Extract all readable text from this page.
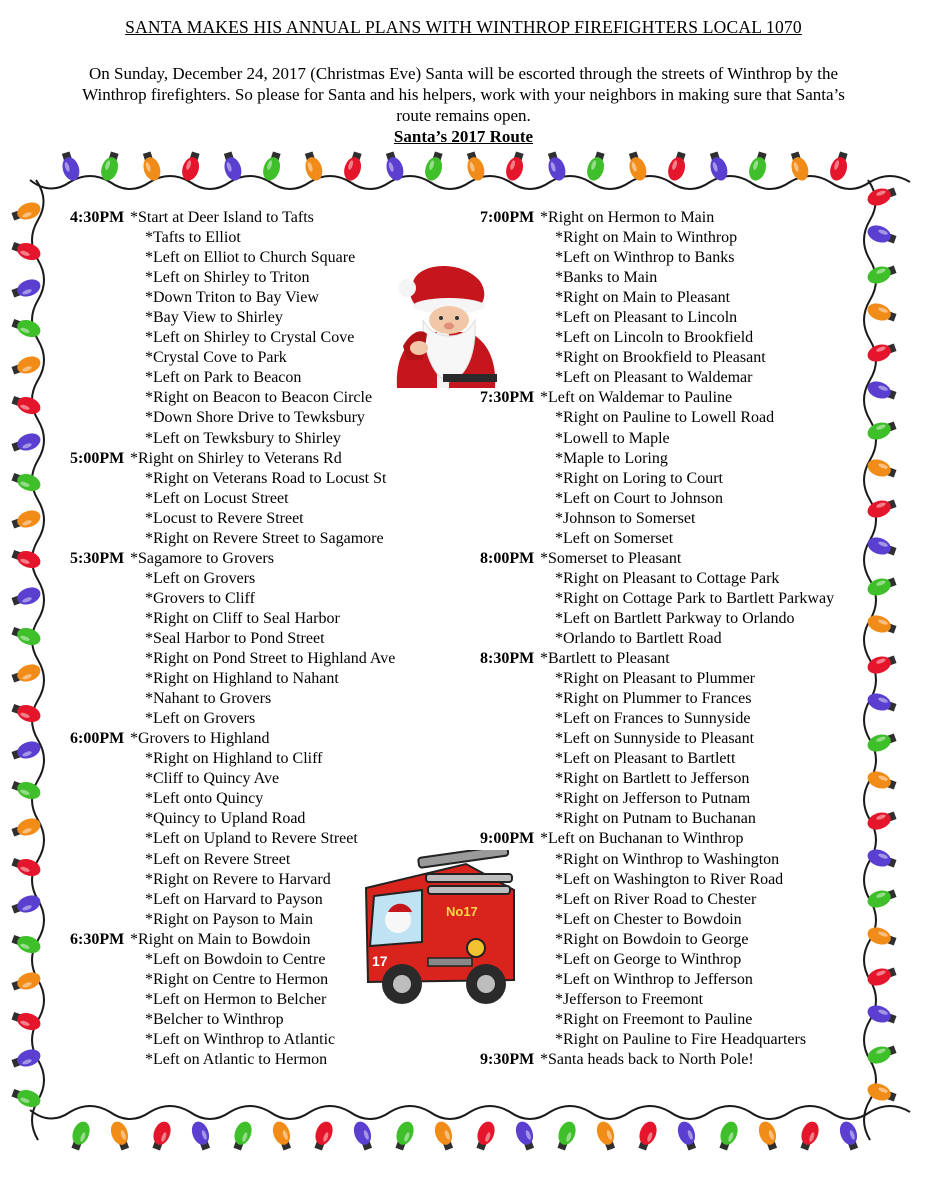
SANTA MAKES HIS ANNUAL PLANS WITH WINTHROP FIREFIGHTERS LOCAL 1070
On Sunday, December 24, 2017 (Christmas Eve) Santa will be escorted through the streets of Winthrop by the Winthrop firefighters. So please for Santa and his helpers, work with your neighbors in making sure that Santa’s route remains open.
Santa’s 2017 Route
17
No17
4:30PM *Start at Deer Island to Tafts
*Tafts to Elliot
*Left on Elliot to Church Square
*Left on Shirley to Triton
*Down Triton to Bay View
*Bay View to Shirley
*Left on Shirley to Crystal Cove
*Crystal Cove to Park
*Left on Park to Beacon
*Right on Beacon to Beacon Circle
*Down Shore Drive to Tewksbury
*Left on Tewksbury to Shirley
5:00PM *Right on Shirley to Veterans Rd
*Right on Veterans Road to Locust St
*Left on Locust Street
*Locust to Revere Street
*Right on Revere Street to Sagamore
5:30PM *Sagamore to Grovers
*Left on Grovers
*Grovers to Cliff
*Right on Cliff to Seal Harbor
*Seal Harbor to Pond Street
*Right on Pond Street to Highland Ave
*Right on Highland to Nahant
*Nahant to Grovers
*Left on Grovers
6:00PM *Grovers to Highland
*Right on Highland to Cliff
*Cliff to Quincy Ave
*Left onto Quincy
*Quincy to Upland Road
*Left on Upland to Revere Street
*Left on Revere Street
*Right on Revere to Harvard
*Left on Harvard to Payson
*Right on Payson to Main
6:30PM *Right on Main to Bowdoin
*Left on Bowdoin to Centre
*Right on Centre to Hermon
*Left on Hermon to Belcher
*Belcher to Winthrop
*Left on Winthrop to Atlantic
*Left on Atlantic to Hermon
7:00PM *Right on Hermon to Main
*Right on Main to Winthrop
*Left on Winthrop to Banks
*Banks to Main
*Right on Main to Pleasant
*Left on Pleasant to Lincoln
*Left on Lincoln to Brookfield
*Right on Brookfield to Pleasant
*Left on Pleasant to Waldemar
7:30PM *Left on Waldemar to Pauline
*Right on Pauline to Lowell Road
*Lowell to Maple
*Maple to Loring
*Right on Loring to Court
*Left on Court to Johnson
*Johnson to Somerset
*Left on Somerset
8:00PM *Somerset to Pleasant
*Right on Pleasant to Cottage Park
*Right on Cottage Park to Bartlett Parkway
*Left on Bartlett Parkway to Orlando
*Orlando to Bartlett Road
8:30PM *Bartlett to Pleasant
*Right on Pleasant to Plummer
*Right on Plummer to Frances
*Left on Frances to Sunnyside
*Left on Sunnyside to Pleasant
*Left on Pleasant to Bartlett
*Right on Bartlett to Jefferson
*Right on Jefferson to Putnam
*Right on Putnam to Buchanan
9:00PM *Left on Buchanan to Winthrop
*Right on Winthrop to Washington
*Left on Washington to River Road
*Left on River Road to Chester
*Left on Chester to Bowdoin
*Right on Bowdoin to George
*Left on George to Winthrop
*Left on Winthrop to Jefferson
*Jefferson to Freemont
*Right on Freemont to Pauline
*Right on Pauline to Fire Headquarters
9:30PM *Santa heads back to North Pole!
